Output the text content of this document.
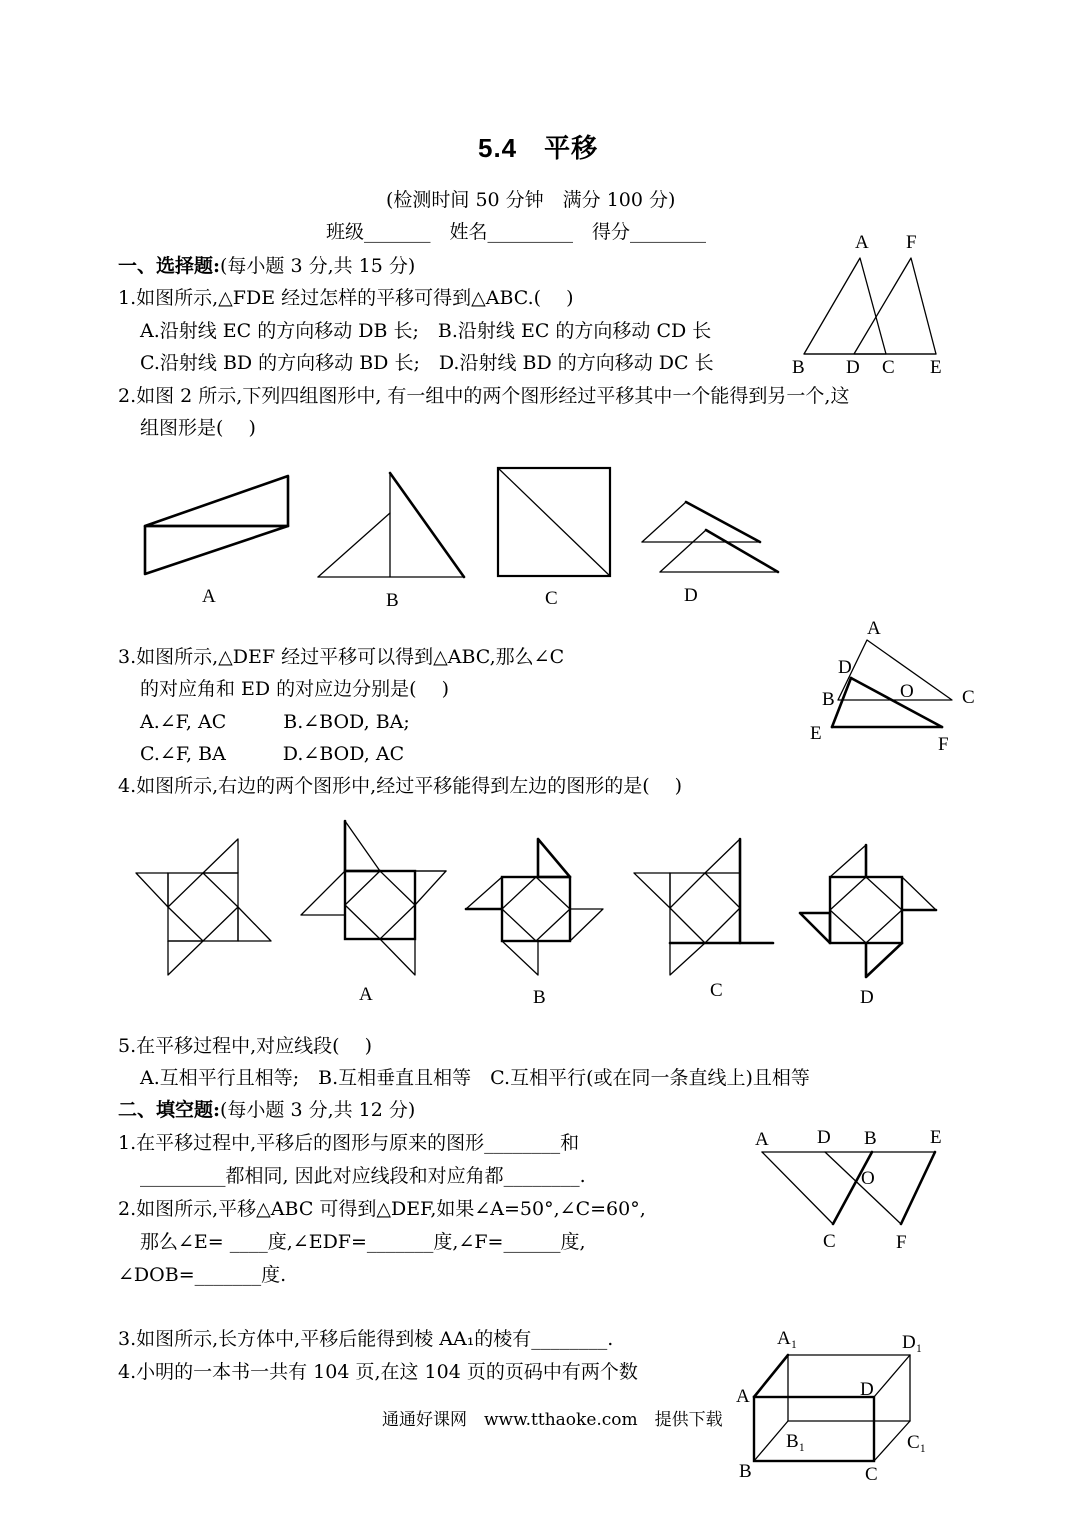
5.4　平移
(检测时间 50 分钟　满分 100 分)
班级_______　姓名_________　得分________
一、选择题:(每小题 3 分,共 15 分)
1.如图所示,△FDE 经过怎样的平移可得到△ABC.(　 )
A.沿射线 EC 的方向移动 DB 长;　B.沿射线 EC 的方向移动 CD 长
C.沿射线 BD 的方向移动 BD 长;　D.沿射线 BD 的方向移动 DC 长
A F
B D C E
2.如图 2 所示,下列四组图形中, 有一组中的两个图形经过平移其中一个能得到另一个,这
组图形是(　 )
A	B	C	D
3.如图所示,△DEF 经过平移可以得到△ABC,那么∠C
的对应角和 ED 的对应边分别是(　 )
A.∠F, AC　　　B.∠BOD, BA;
C.∠F, BA　　　D.∠BOD, AC
A
D
B	O	C
E
F
4.如图所示,右边的两个图形中,经过平移能得到左边的图形的是(　 )
A	B	C	D
5.在平移过程中,对应线段(　 )
A.互相平行且相等;　B.互相垂直且相等　C.互相平行(或在同一条直线上)且相等
二、填空题:(每小题 3 分,共 12 分)
1.在平移过程中,平移后的图形与原来的图形________和
_________都相同, 因此对应线段和对应角都________.
2.如图所示,平移△ABC 可得到△DEF,如果∠A=50°,∠C=60°,
那么∠E= ____度,∠EDF=_______度,∠F=______度,
∠DOB=_______度.
A	D B	E
O
C	F
3.如图所示,长方体中,平移后能得到棱 AA₁的棱有________.
4.小明的一本书一共有 104 页,在这 104 页的页码中有两个数
A₁	D₁
A	D
B₁	C₁
B	C
通通好课网　www.tthaoke.com　提供下载
